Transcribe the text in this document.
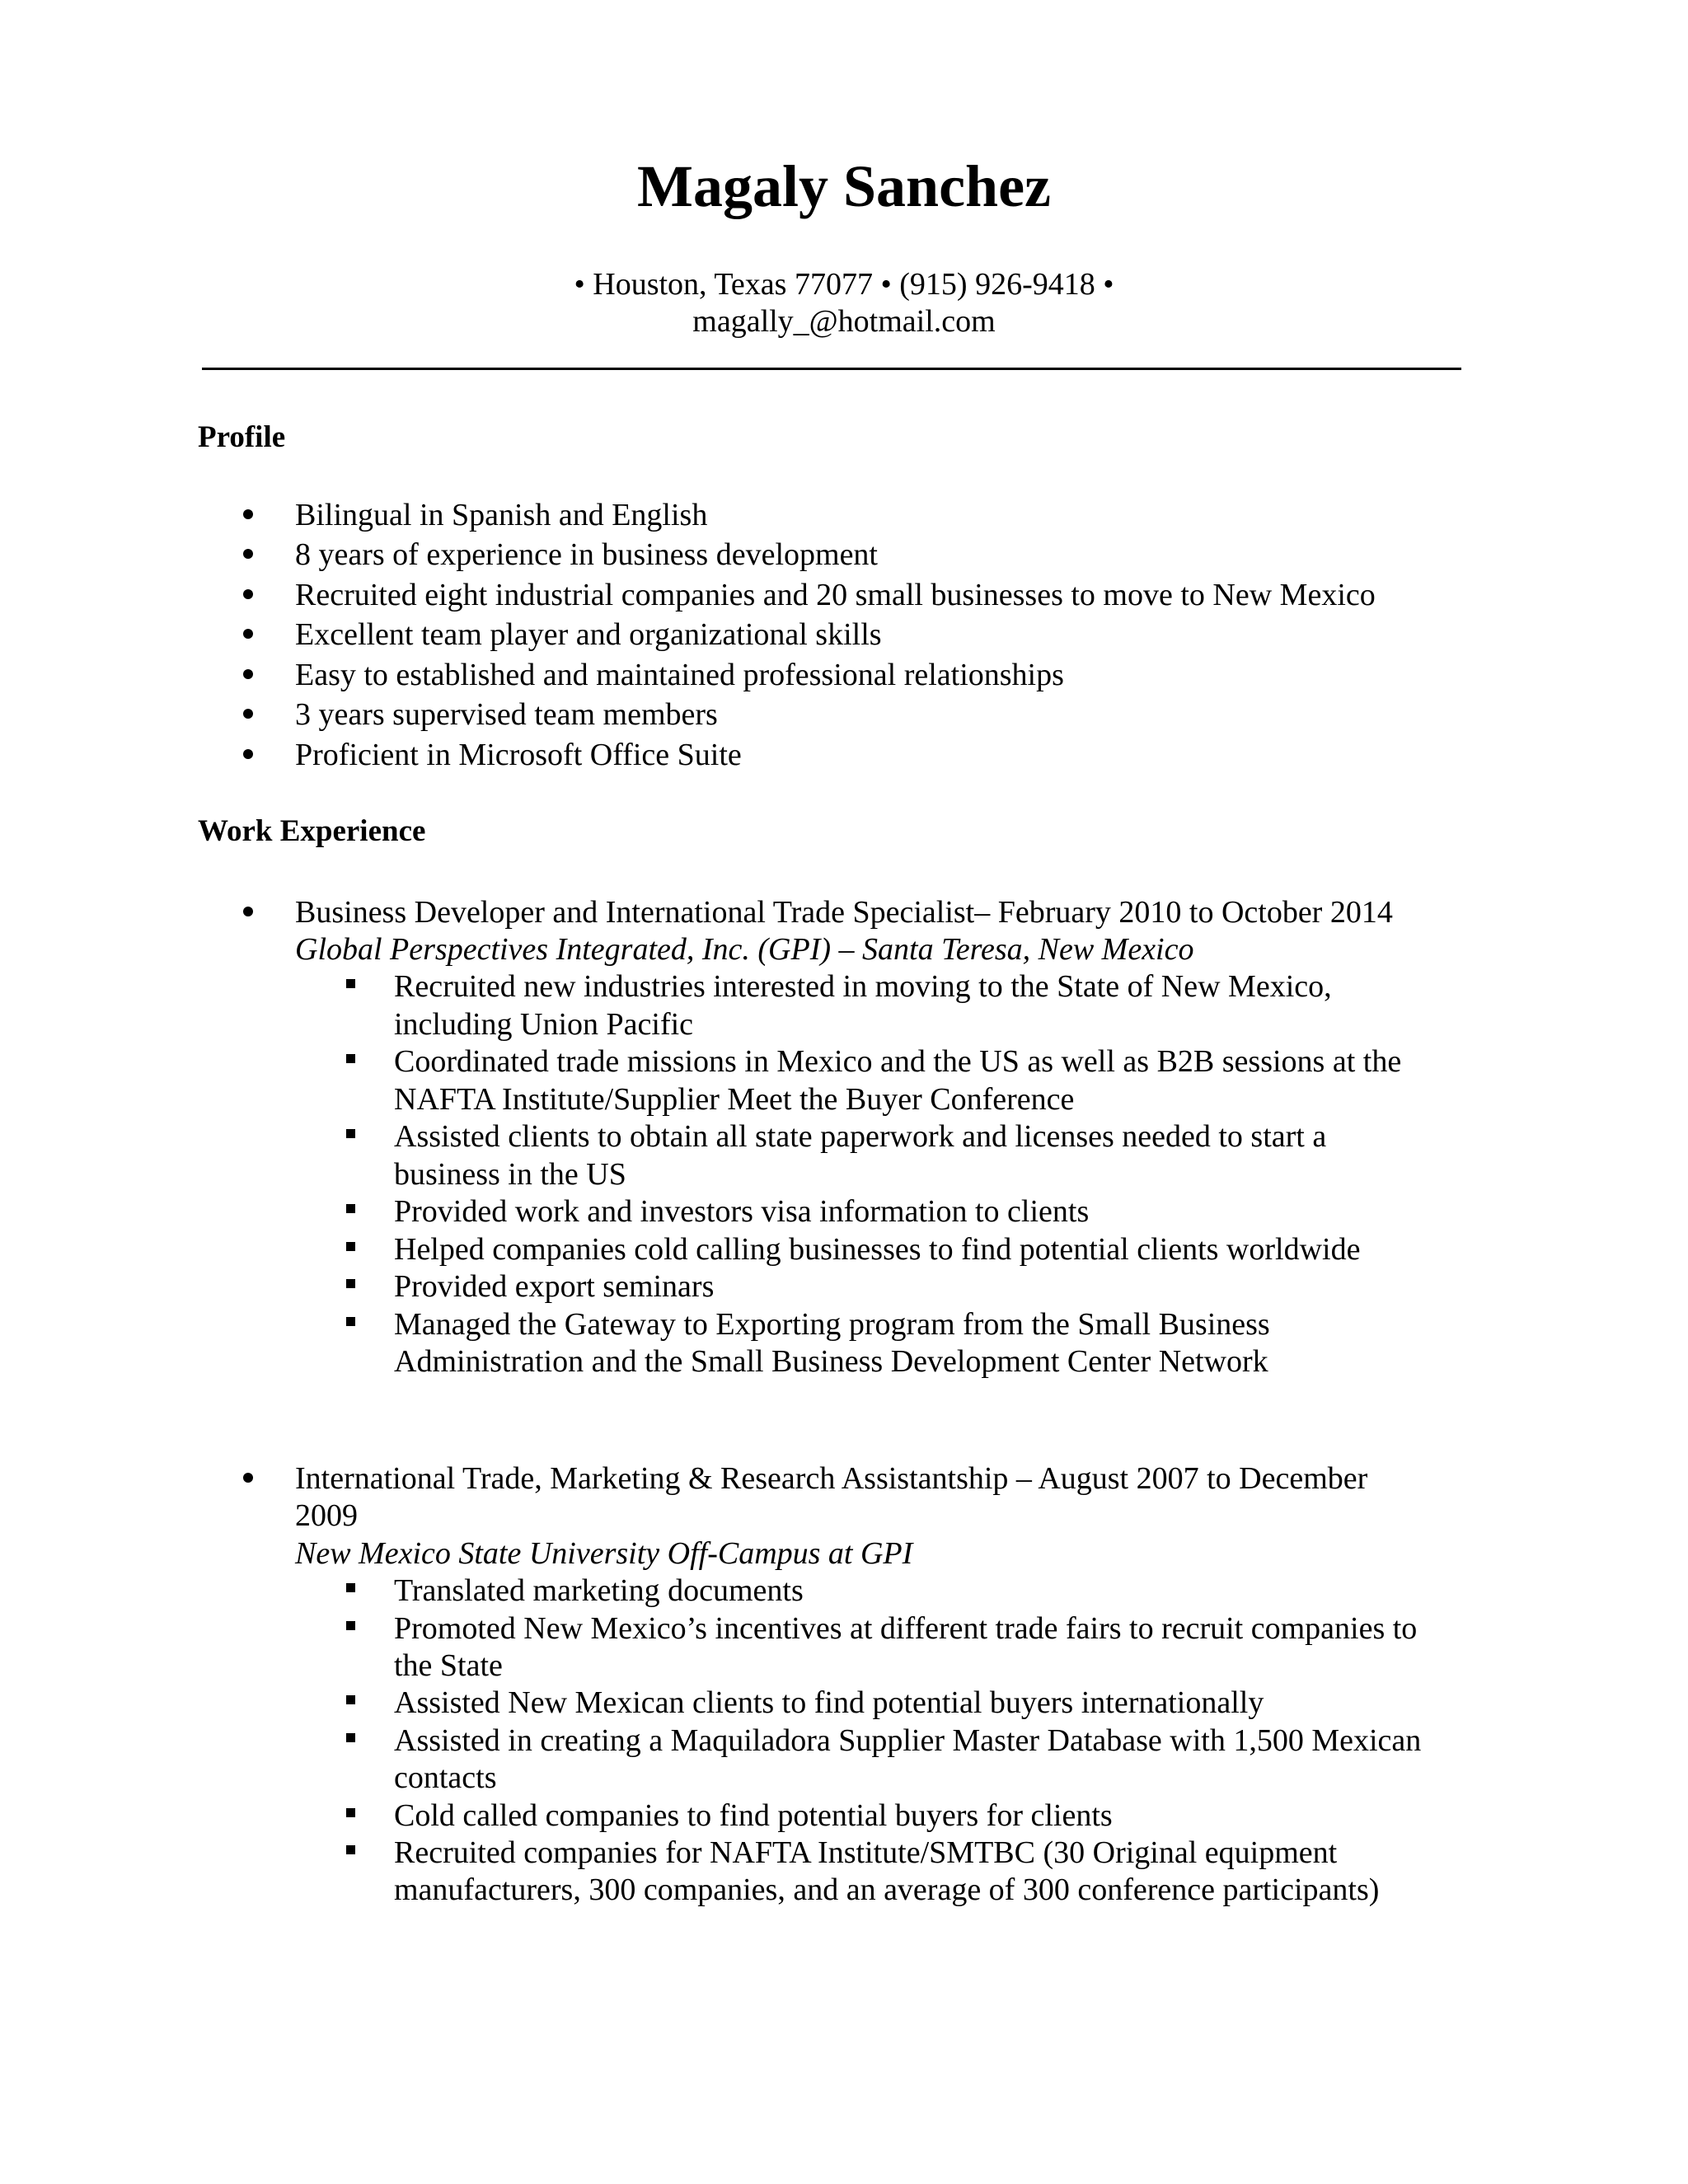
Magaly Sanchez
• Houston, Texas 77077 • (915) 926-9418 •
magally_@hotmail.com
Profile
Bilingual in Spanish and English
8 years of experience in business development
Recruited eight industrial companies and 20 small businesses to move to New Mexico
Excellent team player and organizational skills
Easy to established and maintained professional relationships
3 years supervised team members
Proficient in Microsoft Office Suite
Work Experience
Business Developer and International Trade Specialist– February 2010 to October 2014
Global Perspectives Integrated, Inc. (GPI) – Santa Teresa, New Mexico
Recruited new industries interested in moving to the State of New Mexico,
including Union Pacific
Coordinated trade missions in Mexico and the US as well as B2B sessions at the
NAFTA Institute/Supplier Meet the Buyer Conference
Assisted clients to obtain all state paperwork and licenses needed to start a
business in the US
Provided work and investors visa information to clients
Helped companies cold calling businesses to find potential clients worldwide
Provided export seminars
Managed the Gateway to Exporting program from the Small Business
Administration and the Small Business Development Center Network
International Trade, Marketing & Research Assistantship – August 2007 to December
2009
New Mexico State University Off-Campus at GPI
Translated marketing documents
Promoted New Mexico’s incentives at different trade fairs to recruit companies to
the State
Assisted New Mexican clients to find potential buyers internationally
Assisted in creating a Maquiladora Supplier Master Database with 1,500 Mexican
contacts
Cold called companies to find potential buyers for clients
Recruited companies for NAFTA Institute/SMTBC (30 Original equipment
manufacturers, 300 companies, and an average of 300 conference participants)
